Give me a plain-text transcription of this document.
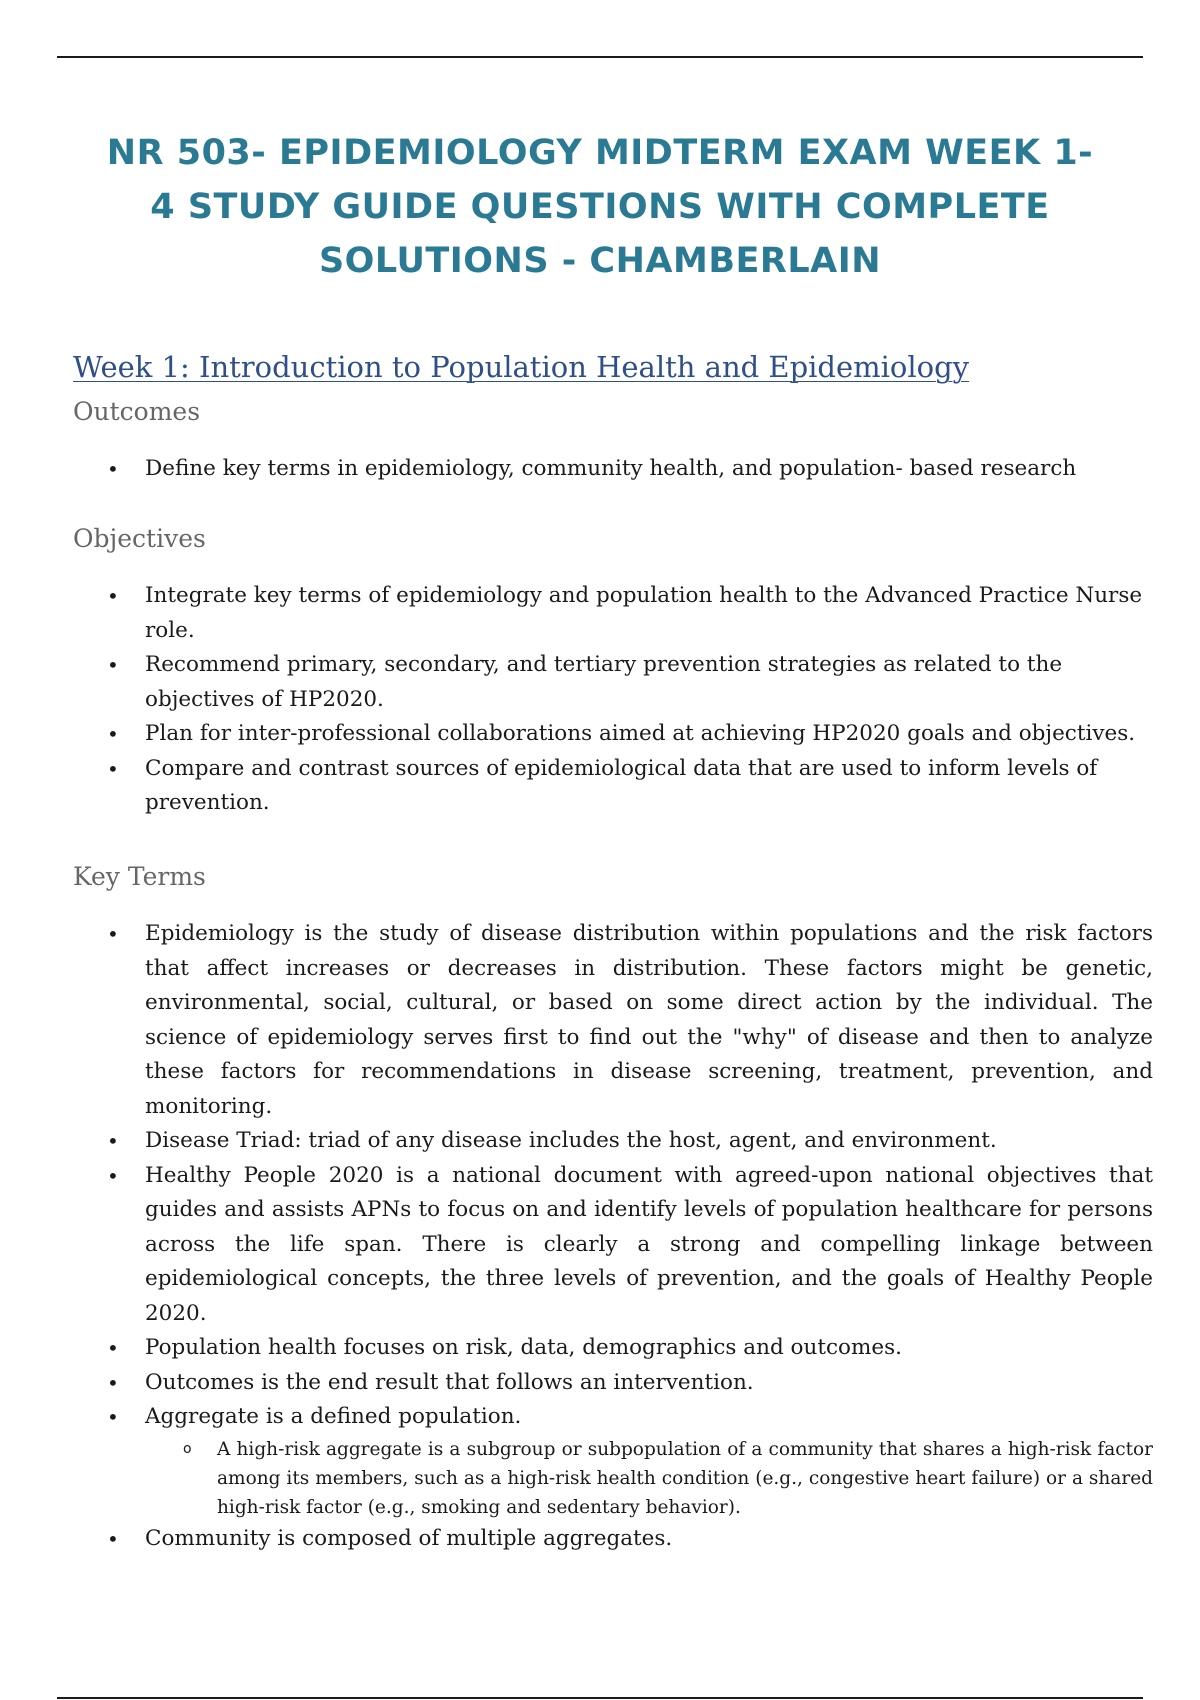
NR 503- EPIDEMIOLOGY MIDTERM EXAM WEEK 1-
4 STUDY GUIDE QUESTIONS WITH COMPLETE
SOLUTIONS - CHAMBERLAIN
Week 1: Introduction to Population Health and Epidemiology
Outcomes
• Define key terms in epidemiology, community health, and population- based research
Objectives
• Integrate key terms of epidemiology and population health to the Advanced Practice Nurse role.
• Recommend primary, secondary, and tertiary prevention strategies as related to the objectives of HP2020.
• Plan for inter-professional collaborations aimed at achieving HP2020 goals and objectives.
• Compare and contrast sources of epidemiological data that are used to inform levels of prevention.
Key Terms
• Epidemiology is the study of disease distribution within populations and the risk factors that affect increases or decreases in distribution. These factors might be genetic, environmental, social, cultural, or based on some direct action by the individual. The science of epidemiology serves first to find out the "why" of disease and then to analyze these factors for recommendations in disease screening, treatment, prevention, and monitoring.
• Disease Triad: triad of any disease includes the host, agent, and environment.
• Healthy People 2020 is a national document with agreed-upon national objectives that guides and assists APNs to focus on and identify levels of population healthcare for persons across the life span. There is clearly a strong and compelling linkage between epidemiological concepts, the three levels of prevention, and the goals of Healthy People 2020.
• Population health focuses on risk, data, demographics and outcomes.
• Outcomes is the end result that follows an intervention.
• Aggregate is a defined population.
o A high-risk aggregate is a subgroup or subpopulation of a community that shares a high-risk factor among its members, such as a high-risk health condition (e.g., congestive heart failure) or a shared high-risk factor (e.g., smoking and sedentary behavior).
• Community is composed of multiple aggregates.
